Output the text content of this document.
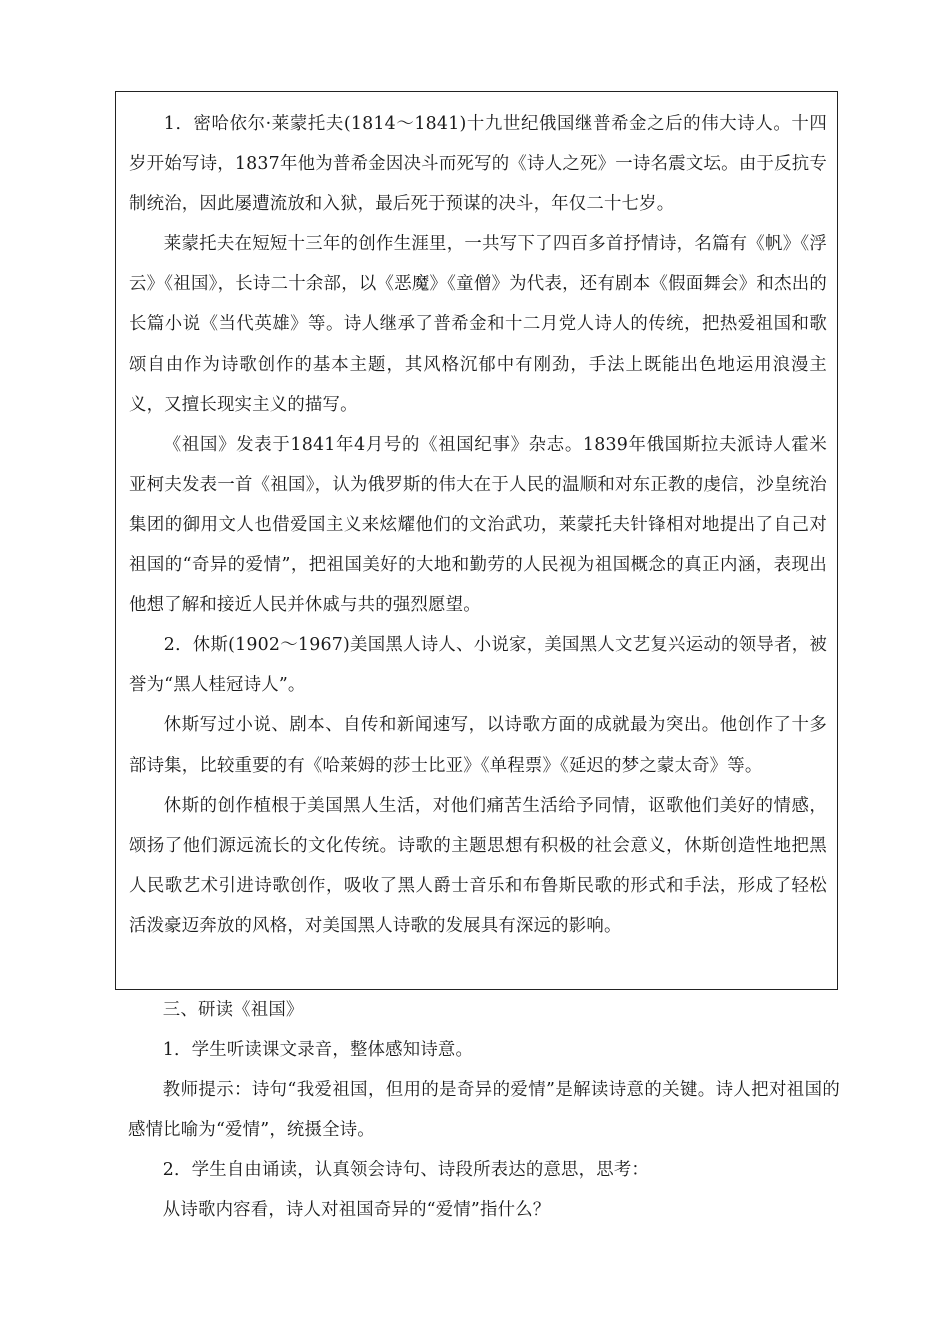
1．密哈依尔·莱蒙托夫(1814～1841)十九世纪俄国继普希金之后的伟大诗人。十四岁开始写诗，1837年他为普希金因决斗而死写的《诗人之死》一诗名震文坛。由于反抗专制统治，因此屡遭流放和入狱，最后死于预谋的决斗，年仅二十七岁。

莱蒙托夫在短短十三年的创作生涯里，一共写下了四百多首抒情诗，名篇有《帆》《浮云》《祖国》，长诗二十余部，以《恶魔》《童僧》为代表，还有剧本《假面舞会》和杰出的长篇小说《当代英雄》等。诗人继承了普希金和十二月党人诗人的传统，把热爱祖国和歌颂自由作为诗歌创作的基本主题，其风格沉郁中有刚劲，手法上既能出色地运用浪漫主义，又擅长现实主义的描写。

《祖国》发表于1841年4月号的《祖国纪事》杂志。1839年俄国斯拉夫派诗人霍米亚柯夫发表一首《祖国》，认为俄罗斯的伟大在于人民的温顺和对东正教的虔信，沙皇统治集团的御用文人也借爱国主义来炫耀他们的文治武功，莱蒙托夫针锋相对地提出了自己对祖国的“奇异的爱情”，把祖国美好的大地和勤劳的人民视为祖国概念的真正内涵，表现出他想了解和接近人民并休戚与共的强烈愿望。

2．休斯(1902～1967)美国黑人诗人、小说家，美国黑人文艺复兴运动的领导者，被誉为“黑人桂冠诗人”。

休斯写过小说、剧本、自传和新闻速写，以诗歌方面的成就最为突出。他创作了十多部诗集，比较重要的有《哈莱姆的莎士比亚》《单程票》《延迟的梦之蒙太奇》等。

休斯的创作植根于美国黑人生活，对他们痛苦生活给予同情，讴歌他们美好的情感，颂扬了他们源远流长的文化传统。诗歌的主题思想有积极的社会意义，休斯创造性地把黑人民歌艺术引进诗歌创作，吸收了黑人爵士音乐和布鲁斯民歌的形式和手法，形成了轻松活泼豪迈奔放的风格，对美国黑人诗歌的发展具有深远的影响。

三、研读《祖国》

1．学生听读课文录音，整体感知诗意。

教师提示：诗句“我爱祖国，但用的是奇异的爱情”是解读诗意的关键。诗人把对祖国的感情比喻为“爱情”，统摄全诗。

2．学生自由诵读，认真领会诗句、诗段所表达的意思，思考：

从诗歌内容看，诗人对祖国奇异的“爱情”指什么？
